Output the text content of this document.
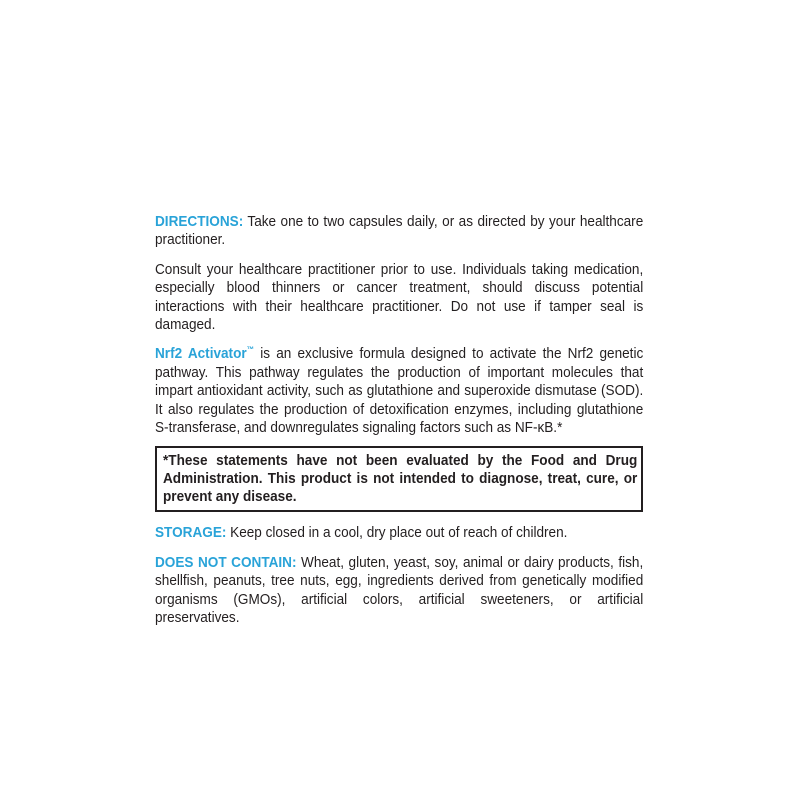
DIRECTIONS: Take one to two capsules daily, or as directed by your healthcare practitioner.

Consult your healthcare practitioner prior to use. Individuals taking medication, especially blood thinners or cancer treatment, should discuss potential interactions with their healthcare practitioner. Do not use if tamper seal is damaged.

Nrf2 Activator™ is an exclusive formula designed to activate the Nrf2 genetic pathway. This pathway regulates the production of important molecules that impart antioxidant activity, such as glutathione and superoxide dismutase (SOD). It also regulates the production of detoxification enzymes, including glutathione S-transferase, and downregulates signaling factors such as NF-κB.*

*These statements have not been evaluated by the Food and Drug Administration. This product is not intended to diagnose, treat, cure, or prevent any disease.

STORAGE: Keep closed in a cool, dry place out of reach of children.

DOES NOT CONTAIN: Wheat, gluten, yeast, soy, animal or dairy products, fish, shellfish, peanuts, tree nuts, egg, ingredients derived from genetically modified organisms (GMOs), artificial colors, artificial sweeteners, or artificial preservatives.
